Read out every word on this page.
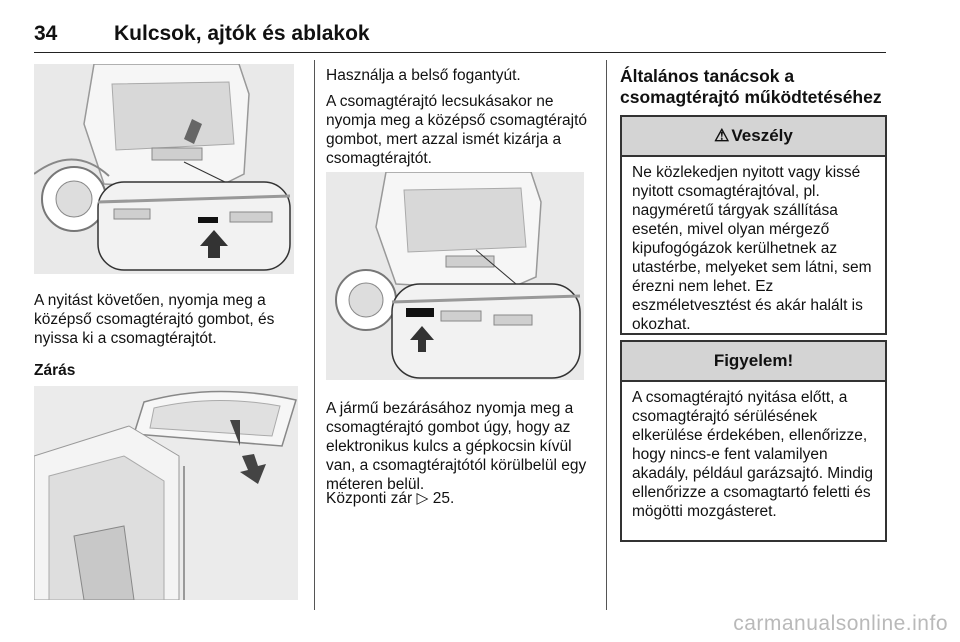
34	Kulcsok, ajtók és ablakok

A nyitást követően, nyomja meg a középső csomagtérajtó gombot, és nyissa ki a csomagtérajtót.

Zárás

Használja a belső fogantyút.

A csomagtérajtó lecsukásakor ne nyomja meg a középső csomagtérajtó gombot, mert azzal ismét kizárja a csomagtérajtót.

A jármű bezárásához nyomja meg a csomagtérajtó gombot úgy, hogy az elektronikus kulcs a gépkocsin kívül van, a csomagtérajtótól körülbelül egy méteren belül.

Központi zár ▷ 25.

Általános tanácsok a csomagtérajtó működtetéséhez
⚠ Veszély
Ne közlekedjen nyitott vagy kissé nyitott csomagtérajtóval, pl. nagyméretű tárgyak szállítása esetén, mivel olyan mérgező kipufogógázok kerülhetnek az utastérbe, melyeket sem látni, sem érezni nem lehet. Ez eszméletvesztést és akár halált is okozhat.
Figyelem!
A csomagtérajtó nyitása előtt, a csomagtérajtó sérülésének elkerülése érdekében, ellenőrizze, hogy nincs-e fent valamilyen akadály, például garázsajtó. Mindig ellenőrizze a csomagtartó feletti és mögötti mozgásteret.
carmanualsonline.info
